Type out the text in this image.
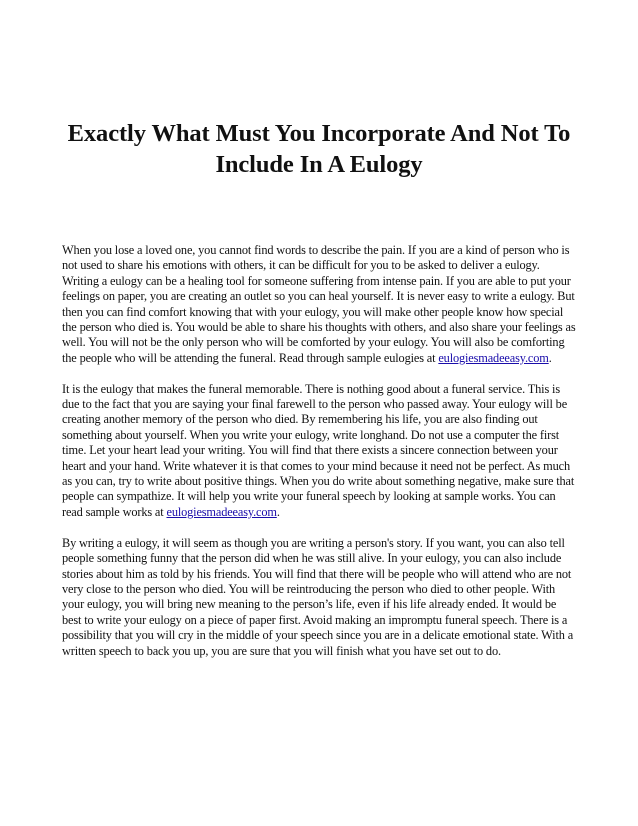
Exactly What Must You Incorporate And Not To Include In A Eulogy

When you lose a loved one, you cannot find words to describe the pain. If you are a kind of person who is not used to share his emotions with others, it can be difficult for you to be asked to deliver a eulogy. Writing a eulogy can be a healing tool for someone suffering from intense pain. If you are able to put your feelings on paper, you are creating an outlet so you can heal yourself. It is never easy to write a eulogy. But then you can find comfort knowing that with your eulogy, you will make other people know how special the person who died is. You would be able to share his thoughts with others, and also share your feelings as well. You will not be the only person who will be comforted by your eulogy. You will also be comforting the people who will be attending the funeral. Read through sample eulogies at eulogiesmadeeasy.com.

It is the eulogy that makes the funeral memorable. There is nothing good about a funeral service. This is due to the fact that you are saying your final farewell to the person who passed away. Your eulogy will be creating another memory of the person who died. By remembering his life, you are also finding out something about yourself. When you write your eulogy, write longhand. Do not use a computer the first time. Let your heart lead your writing. You will find that there exists a sincere connection between your heart and your hand. Write whatever it is that comes to your mind because it need not be perfect. As much as you can, try to write about positive things. When you do write about something negative, make sure that people can sympathize. It will help you write your funeral speech by looking at sample works. You can read sample works at eulogiesmadeeasy.com.

By writing a eulogy, it will seem as though you are writing a person's story. If you want, you can also tell people something funny that the person did when he was still alive. In your eulogy, you can also include stories about him as told by his friends. You will find that there will be people who will attend who are not very close to the person who died. You will be reintroducing the person who died to other people. With your eulogy, you will bring new meaning to the person’s life, even if his life already ended. It would be best to write your eulogy on a piece of paper first. Avoid making an impromptu funeral speech. There is a possibility that you will cry in the middle of your speech since you are in a delicate emotional state. With a written speech to back you up, you are sure that you will finish what you have set out to do.
